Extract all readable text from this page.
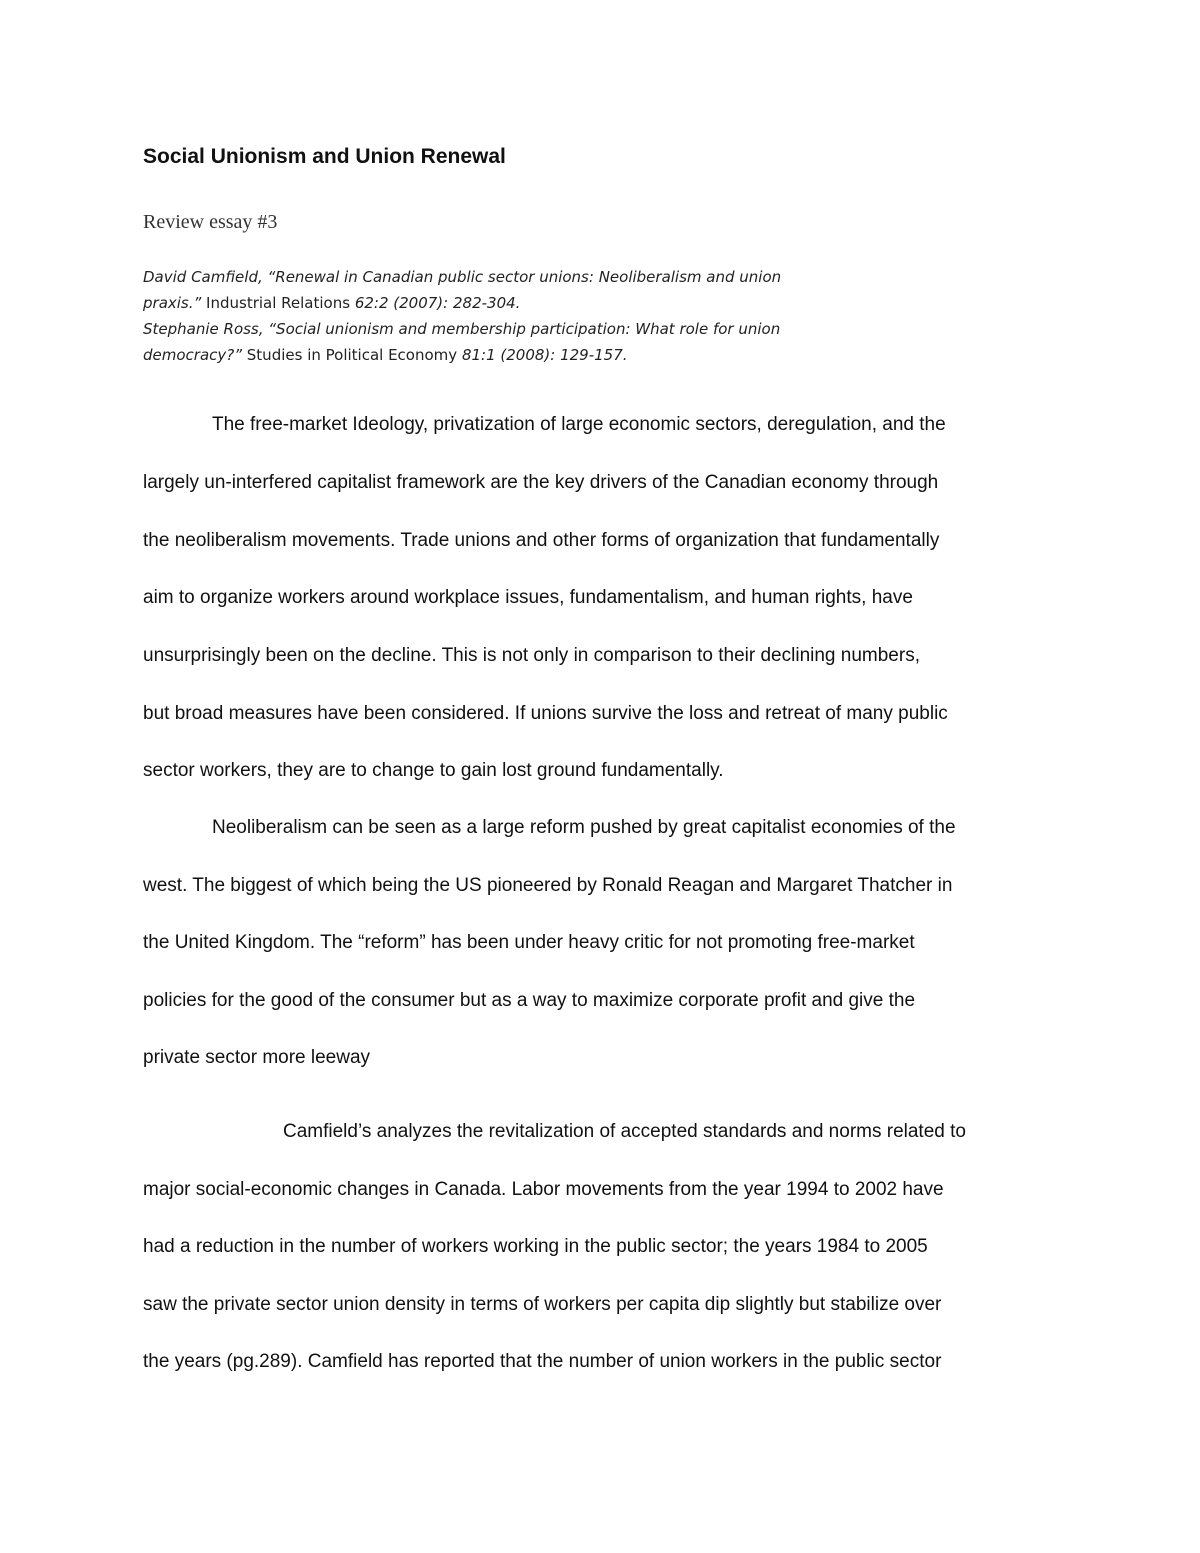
Social Unionism and Union Renewal
Review essay #3
David Camfield, “Renewal in Canadian public sector unions: Neoliberalism and union
praxis.” Industrial Relations 62:2 (2007): 282-304.
Stephanie Ross, “Social unionism and membership participation: What role for union
democracy?” Studies in Political Economy 81:1 (2008): 129-157.
The free-market Ideology, privatization of large economic sectors, deregulation, and the
largely un-interfered capitalist framework are the key drivers of the Canadian economy through
the neoliberalism movements. Trade unions and other forms of organization that fundamentally
aim to organize workers around workplace issues, fundamentalism, and human rights, have
unsurprisingly been on the decline. This is not only in comparison to their declining numbers,
but broad measures have been considered. If unions survive the loss and retreat of many public
sector workers, they are to change to gain lost ground fundamentally.
Neoliberalism can be seen as a large reform pushed by great capitalist economies of the
west. The biggest of which being the US pioneered by Ronald Reagan and Margaret Thatcher in
the United Kingdom. The “reform” has been under heavy critic for not promoting free-market
policies for the good of the consumer but as a way to maximize corporate profit and give the
private sector more leeway
Camfield’s analyzes the revitalization of accepted standards and norms related to
major social-economic changes in Canada. Labor movements from the year 1994 to 2002 have
had a reduction in the number of workers working in the public sector; the years 1984 to 2005
saw the private sector union density in terms of workers per capita dip slightly but stabilize over
the years (pg.289). Camfield has reported that the number of union workers in the public sector
